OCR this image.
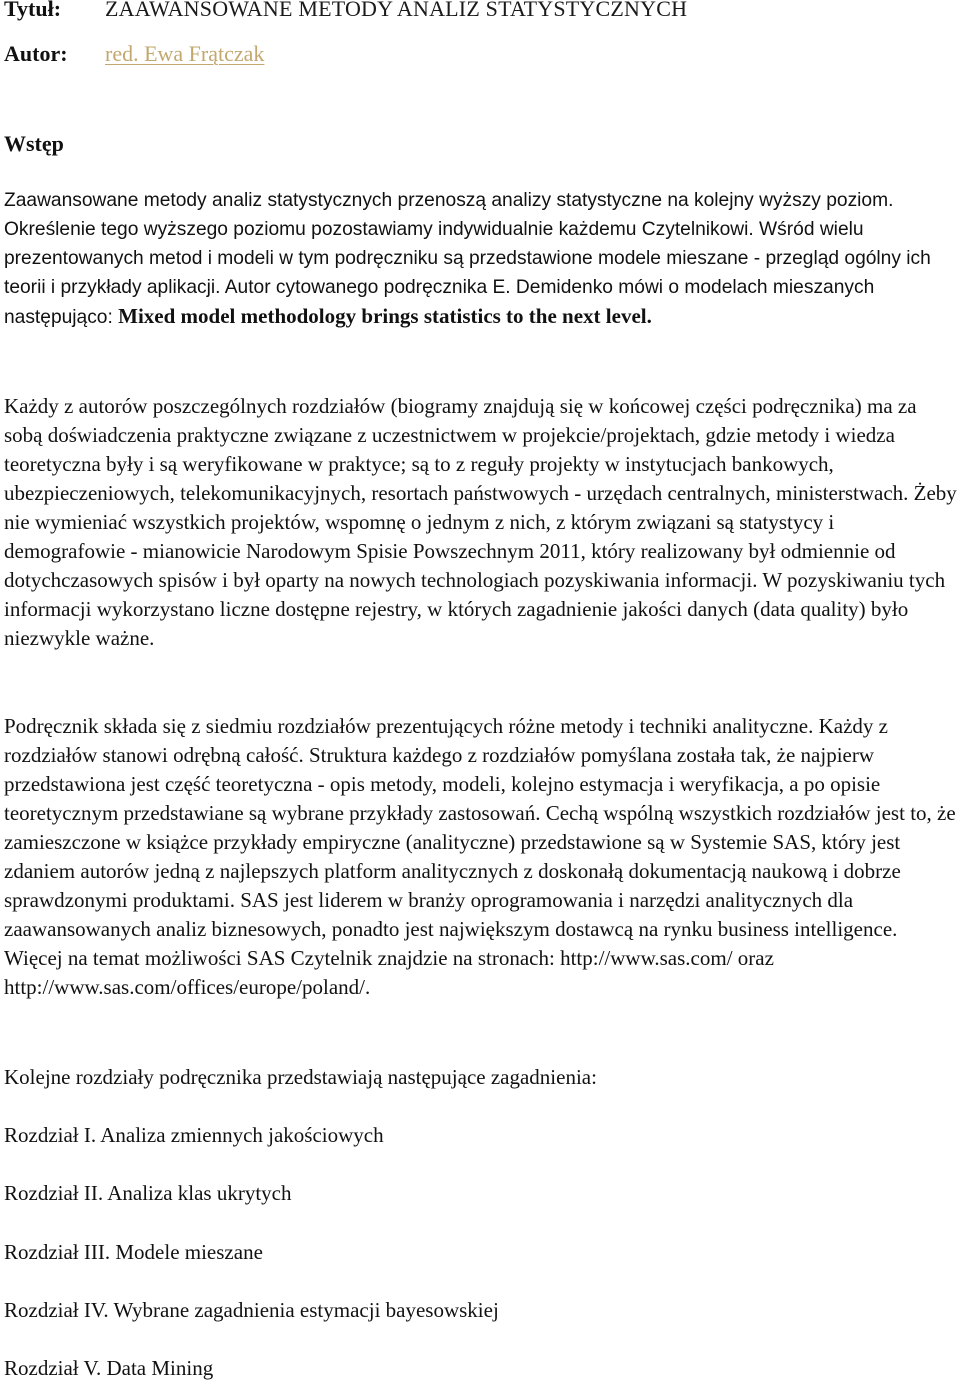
Tytuł:	ZAAWANSOWANE METODY ANALIZ STATYSTYCZNYCH
Autor:	red. Ewa Frątczak
Wstęp

Zaawansowane metody analiz statystycznych przenoszą analizy statystyczne na kolejny wyższy poziom. Określenie tego wyższego poziomu pozostawiamy indywidualnie każdemu Czytelnikowi. Wśród wielu prezentowanych metod i modeli w tym podręczniku są przedstawione modele mieszane - przegląd ogólny ich teorii i przykłady aplikacji. Autor cytowanego podręcznika E. Demidenko mówi o modelach mieszanych następująco: Mixed model methodology brings statistics to the next level.

Każdy z autorów poszczególnych rozdziałów (biogramy znajdują się w końcowej części podręcznika) ma za sobą doświadczenia praktyczne związane z uczestnictwem w projekcie/projektach, gdzie metody i wiedza teoretyczna były i są weryfikowane w praktyce; są to z reguły projekty w instytucjach bankowych, ubezpieczeniowych, telekomunikacyjnych, resortach państwowych - urzędach centralnych, ministerstwach. Żeby nie wymieniać wszystkich projektów, wspomnę o jednym z nich, z którym związani są statystycy i demografowie - mianowicie Narodowym Spisie Powszechnym 2011, który realizowany był odmiennie od dotychczasowych spisów i był oparty na nowych technologiach pozyskiwania informacji. W pozyskiwaniu tych informacji wykorzystano liczne dostępne rejestry, w których zagadnienie jakości danych (data quality) było niezwykle ważne.

Podręcznik składa się z siedmiu rozdziałów prezentujących różne metody i techniki analityczne. Każdy z rozdziałów stanowi odrębną całość. Struktura każdego z rozdziałów pomyślana została tak, że najpierw przedstawiona jest część teoretyczna - opis metody, modeli, kolejno estymacja i weryfikacja, a po opisie teoretycznym przedstawiane są wybrane przykłady zastosowań. Cechą wspólną wszystkich rozdziałów jest to, że zamieszczone w książce przykłady empiryczne (analityczne) przedstawione są w Systemie SAS, który jest zdaniem autorów jedną z najlepszych platform analitycznych z doskonałą dokumentacją naukową i dobrze sprawdzonymi produktami. SAS jest liderem w branży oprogramowania i narzędzi analitycznych dla zaawansowanych analiz biznesowych, ponadto jest największym dostawcą na rynku business intelligence. Więcej na temat możliwości SAS Czytelnik znajdzie na stronach: http://www.sas.com/ oraz http://www.sas.com/offices/europe/poland/.

Kolejne rozdziały podręcznika przedstawiają następujące zagadnienia:

Rozdział I. Analiza zmiennych jakościowych
Rozdział II. Analiza klas ukrytych
Rozdział III. Modele mieszane
Rozdział IV. Wybrane zagadnienia estymacji bayesowskiej
Rozdział V. Data Mining
